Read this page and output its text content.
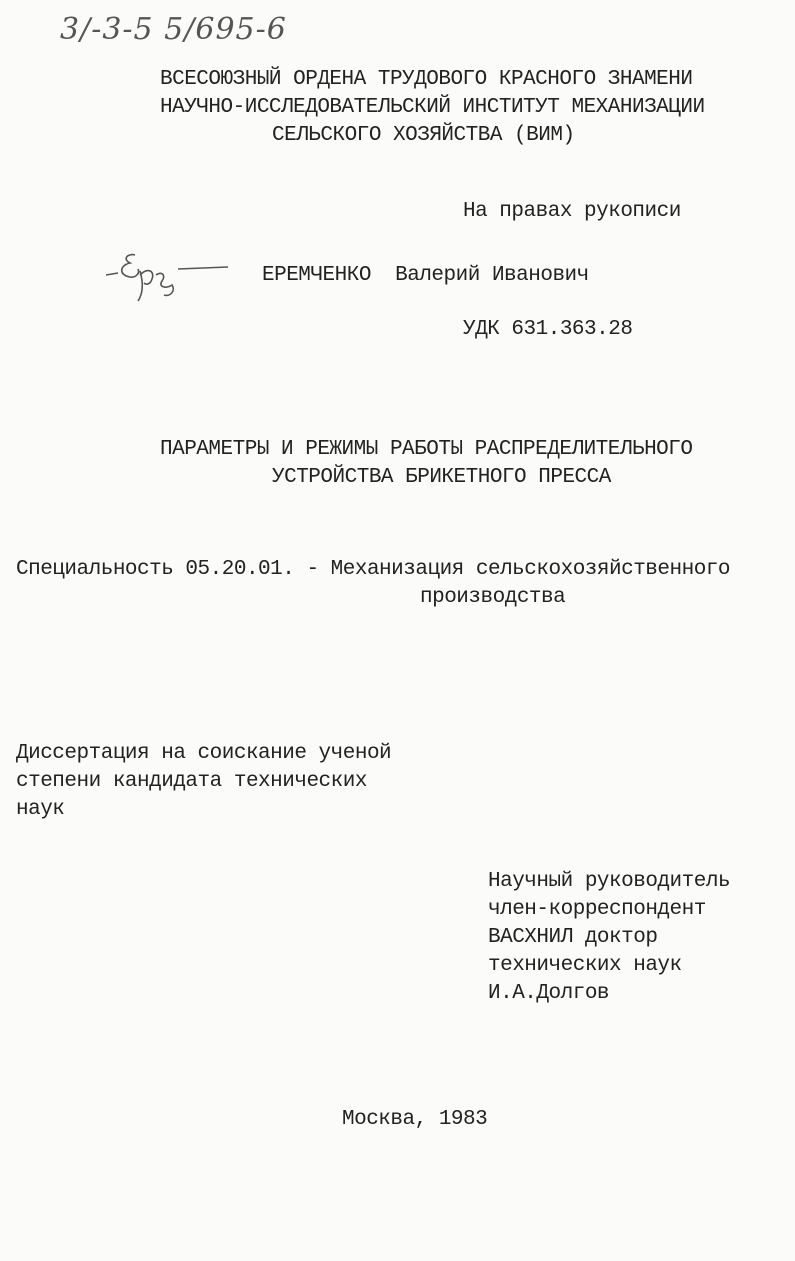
3/-3-5 5/695-6
ВСЕСОЮЗНЫЙ ОРДЕНА ТРУДОВОГО КРАСНОГО ЗНАМЕНИ
НАУЧНО-ИССЛЕДОВАТЕЛЬСКИЙ ИНСТИТУТ МЕХАНИЗАЦИИ
СЕЛЬСКОГО ХОЗЯЙСТВА (ВИМ)
На правах рукописи
ЕРЕМЧЕНКО  Валерий Иванович
УДК 631.363.28
ПАРАМЕТРЫ И РЕЖИМЫ РАБОТЫ РАСПРЕДЕЛИТЕЛЬНОГО
УСТРОЙСТВА БРИКЕТНОГО ПРЕССА
Специальность 05.20.01. - Механизация сельскохозяйственного
производства
Диссертация на соискание ученой
степени кандидата технических
наук
Научный руководитель
член-корреспондент
ВАСХНИЛ доктор
технических наук
И.А.Долгов
Москва, 1983
